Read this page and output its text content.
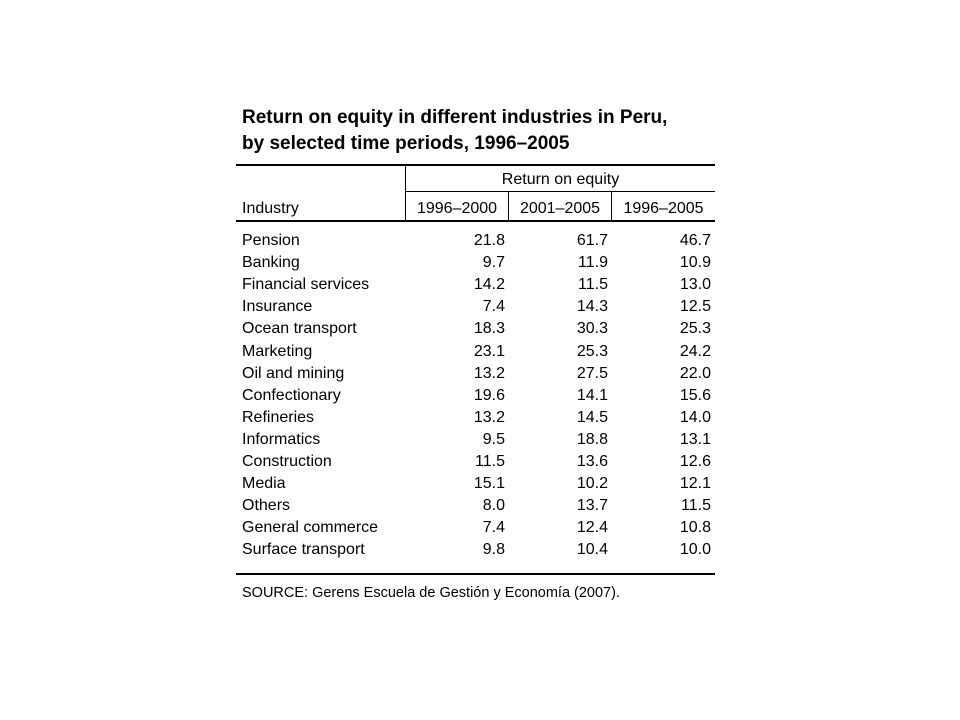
Return on equity in different industries in Peru,
by selected time periods, 1996–2005
Return on equity
Industry	1996–2000	2001–2005	1996–2005
Pension	21.8	61.7	46.7
Banking	9.7	11.9	10.9
Financial services	14.2	11.5	13.0
Insurance	7.4	14.3	12.5
Ocean transport	18.3	30.3	25.3
Marketing	23.1	25.3	24.2
Oil and mining	13.2	27.5	22.0
Confectionary	19.6	14.1	15.6
Refineries	13.2	14.5	14.0
Informatics	9.5	18.8	13.1
Construction	11.5	13.6	12.6
Media	15.1	10.2	12.1
Others	8.0	13.7	11.5
General commerce	7.4	12.4	10.8
Surface transport	9.8	10.4	10.0
SOURCE: Gerens Escuela de Gestión y Economía (2007).
